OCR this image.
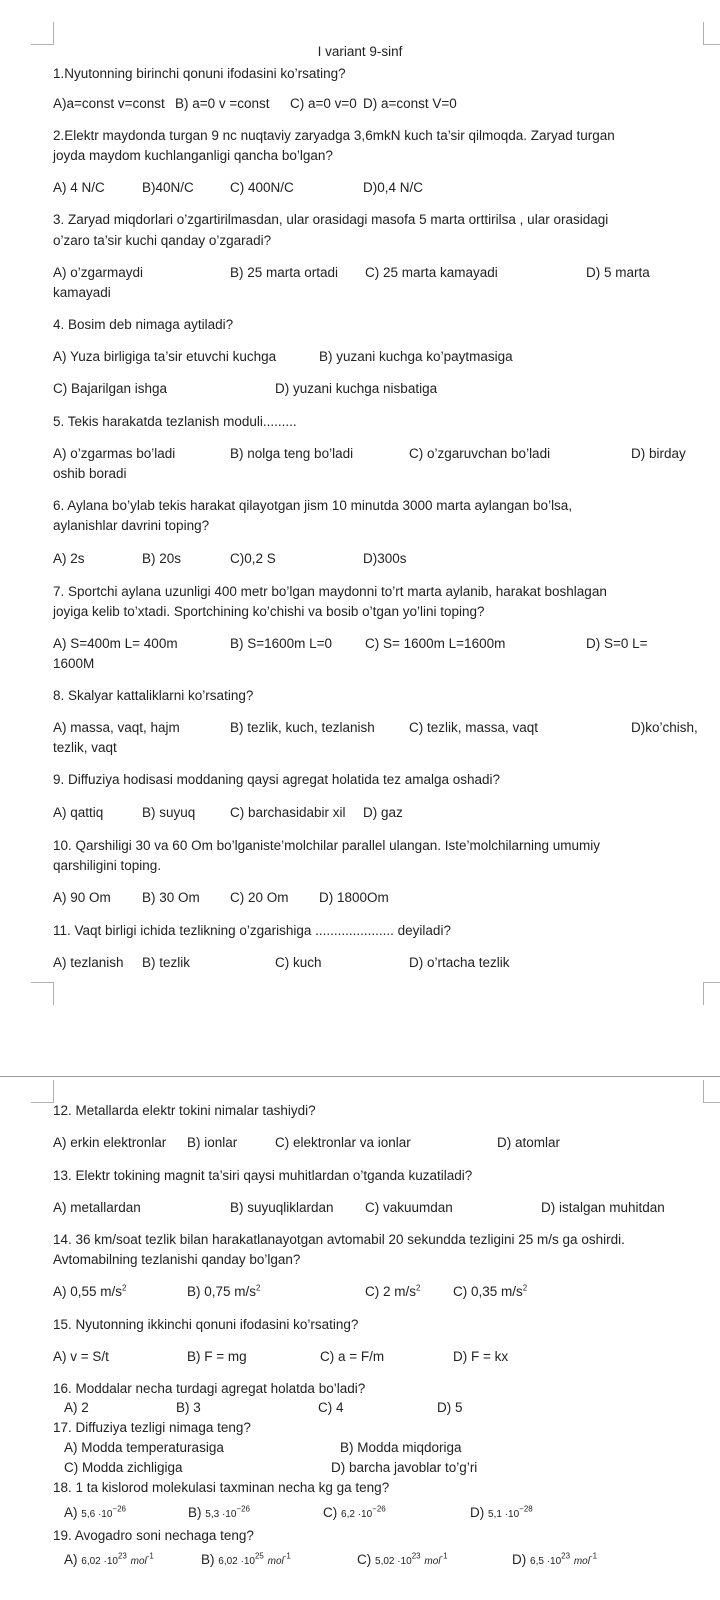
I variant 9-sinf
1.Nyutonning birinchi qonuni ifodasini ko’rsating?
A)a=const v=const B) a=0 v =const C) a=0 v=0 D) a=const V=0
2.Elektr maydonda turgan 9 nc nuqtaviy zaryadga 3,6mkN kuch ta’sir qilmoqda. Zaryad turgan
joyda maydom kuchlanganligi qancha bo’lgan?
A) 4 N/C	B)40N/C	C) 400N/C	D)0,4 N/C
3. Zaryad miqdorlari o’zgartirilmasdan, ular orasidagi masofa 5 marta orttirilsa , ular orasidagi
o’zaro ta’sir kuchi qanday o’zgaradi?
A) o’zgarmaydi	B) 25 marta ortadi C) 25 marta kamayadi	D) 5 marta
kamayadi
4. Bosim deb nimaga aytiladi?
A) Yuza birligiga ta’sir etuvchi kuchga	B) yuzani kuchga ko’paytmasiga
C) Bajarilgan ishga	D) yuzani kuchga nisbatiga
5. Tekis harakatda tezlanish moduli.........
A) o’zgarmas bo’ladi	B) nolga teng bo’ladi	C) o’zgaruvchan bo’ladi	D) birday
oshib boradi
6. Aylana bo’ylab tekis harakat qilayotgan jism 10 minutda 3000 marta aylangan bo’lsa,
aylanishlar davrini toping?
A) 2s	B) 20s	C)0,2 S	D)300s
7. Sportchi aylana uzunligi 400 metr bo’lgan maydonni to’rt marta aylanib, harakat boshlagan
joyiga kelib to’xtadi. Sportchining ko’chishi va bosib o’tgan yo’lini toping?
A) S=400m L= 400m	B) S=1600m L=0 C) S= 1600m L=1600m	D) S=0 L=
1600M
8. Skalyar kattaliklarni ko’rsating?
A) massa, vaqt, hajm	B) tezlik, kuch, tezlanish	C) tezlik, massa, vaqt	D)ko’chish,
tezlik, vaqt
9. Diffuziya hodisasi moddaning qaysi agregat holatida tez amalga oshadi?
A) qattiq	B) suyuq	C) barchasidabir xil D) gaz
10. Qarshiligi 30 va 60 Om bo’lganiste’molchilar parallel ulangan. Iste’molchilarning umumiy
qarshiligini toping.
A) 90 Om B) 30 Om C) 20 Om D) 1800Om
11. Vaqt birligi ichida tezlikning o’zgarishiga ..................... deyiladi?
A) tezlanish B) tezlik	C) kuch	D) o’rtacha tezlik
12. Metallarda elektr tokini nimalar tashiydi?
A) erkin elektronlar B) ionlar	C) elektronlar va ionlar	D) atomlar
13. Elektr tokining magnit ta’siri qaysi muhitlardan o’tganda kuzatiladi?
A) metallardan	B) suyuqliklardan C) vakuumdan	D) istalgan muhitdan
14. 36 km/soat tezlik bilan harakatlanayotgan avtomabil 20 sekundda tezligini 25 m/s ga oshirdi.
Avtomabilning tezlanishi qanday bo’lgan?
A) 0,55 $m/s^2$	B) 0,75 $m/s^2$	C) 2 $m/s^2$ C) 0,35 $m/s^2$
15. Nyutonning ikkinchi qonuni ifodasini ko’rsating?
A) v = S/t	B) F = mg	C) a = F/m	D) F = kx
16. Moddalar necha turdagi agregat holatda bo’ladi?
A) 2	B) 3	C) 4	D) 5
17. Diffuziya tezligi nimaga teng?
A) Modda temperaturasiga	B) Modda miqdoriga
C) Modda zichligiga	D) barcha javoblar to’g’ri
18. 1 ta kislorod molekulasi taxminan necha kg ga teng?
A) $5,6 \cdot 10^{-26}$	B) $5,3 \cdot 10^{-26}$	C) $6,2 \cdot 10^{-26}$	D) $5,1 \cdot 10^{-28}$
19. Avogadro soni nechaga teng?
A) $6,02 \cdot 10^{23}$ mol$^{-1}$	B) $6,02 \cdot 10^{25}$ mol$^{-1}$	C) $5,02 \cdot 10^{23}$ mol$^{-1}$	D) $6,5 \cdot 10^{23}$ mol$^{-1}$
